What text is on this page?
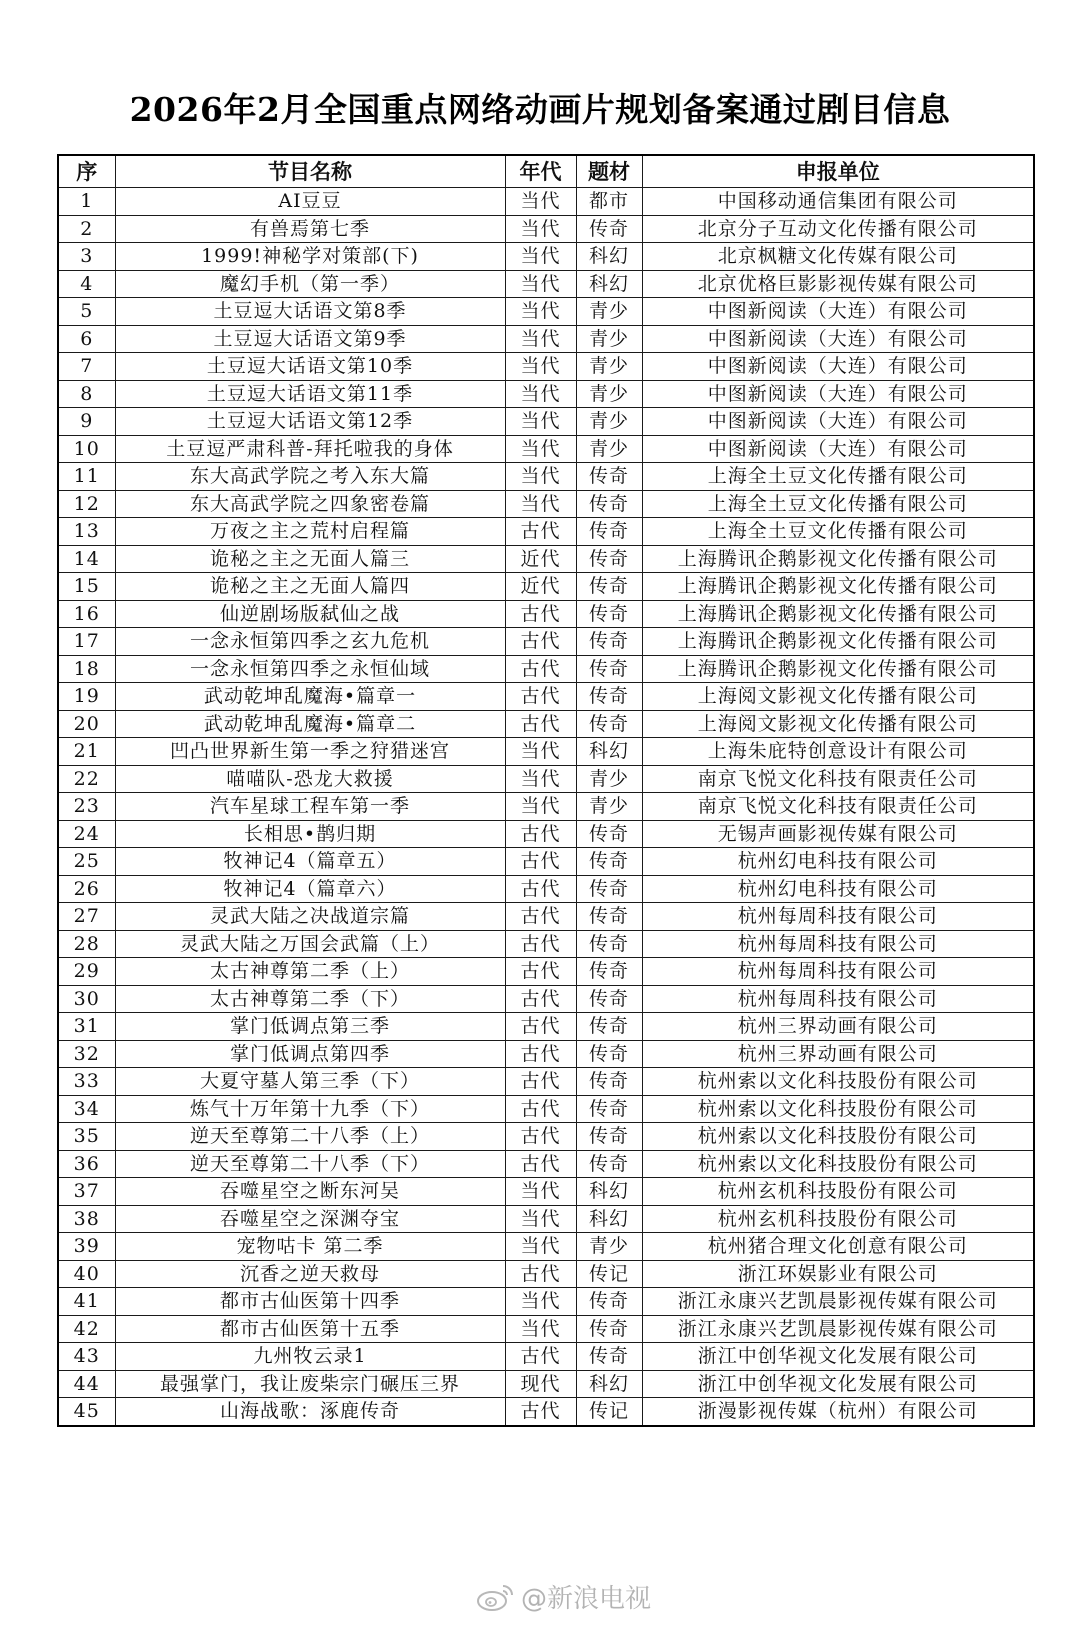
2026年2月全国重点网络动画片规划备案通过剧目信息
序	节目名称	年代	题材	申报单位
1	AI豆豆	当代	都市	中国移动通信集团有限公司
2	有兽焉第七季	当代	传奇	北京分子互动文化传播有限公司
3	1999!神秘学对策部(下)	当代	科幻	北京枫糖文化传媒有限公司
4	魔幻手机（第一季）	当代	科幻	北京优格巨影影视传媒有限公司
5	土豆逗大话语文第8季	当代	青少	中图新阅读（大连）有限公司
6	土豆逗大话语文第9季	当代	青少	中图新阅读（大连）有限公司
7	土豆逗大话语文第10季	当代	青少	中图新阅读（大连）有限公司
8	土豆逗大话语文第11季	当代	青少	中图新阅读（大连）有限公司
9	土豆逗大话语文第12季	当代	青少	中图新阅读（大连）有限公司
10	土豆逗严肃科普-拜托啦我的身体	当代	青少	中图新阅读（大连）有限公司
11	东大高武学院之考入东大篇	当代	传奇	上海全土豆文化传播有限公司
12	东大高武学院之四象密卷篇	当代	传奇	上海全土豆文化传播有限公司
13	万夜之主之荒村启程篇	古代	传奇	上海全土豆文化传播有限公司
14	诡秘之主之无面人篇三	近代	传奇	上海腾讯企鹅影视文化传播有限公司
15	诡秘之主之无面人篇四	近代	传奇	上海腾讯企鹅影视文化传播有限公司
16	仙逆剧场版弑仙之战	古代	传奇	上海腾讯企鹅影视文化传播有限公司
17	一念永恒第四季之玄九危机	古代	传奇	上海腾讯企鹅影视文化传播有限公司
18	一念永恒第四季之永恒仙域	古代	传奇	上海腾讯企鹅影视文化传播有限公司
19	武动乾坤乱魔海•篇章一	古代	传奇	上海阅文影视文化传播有限公司
20	武动乾坤乱魔海•篇章二	古代	传奇	上海阅文影视文化传播有限公司
21	凹凸世界新生第一季之狩猎迷宫	当代	科幻	上海朱庇特创意设计有限公司
22	喵喵队-恐龙大救援	当代	青少	南京飞悦文化科技有限责任公司
23	汽车星球工程车第一季	当代	青少	南京飞悦文化科技有限责任公司
24	长相思•鹊归期	古代	传奇	无锡声画影视传媒有限公司
25	牧神记4（篇章五）	古代	传奇	杭州幻电科技有限公司
26	牧神记4（篇章六）	古代	传奇	杭州幻电科技有限公司
27	灵武大陆之决战道宗篇	古代	传奇	杭州每周科技有限公司
28	灵武大陆之万国会武篇（上）	古代	传奇	杭州每周科技有限公司
29	太古神尊第二季（上）	古代	传奇	杭州每周科技有限公司
30	太古神尊第二季（下）	古代	传奇	杭州每周科技有限公司
31	掌门低调点第三季	古代	传奇	杭州三界动画有限公司
32	掌门低调点第四季	古代	传奇	杭州三界动画有限公司
33	大夏守墓人第三季（下）	古代	传奇	杭州索以文化科技股份有限公司
34	炼气十万年第十九季（下）	古代	传奇	杭州索以文化科技股份有限公司
35	逆天至尊第二十八季（上）	古代	传奇	杭州索以文化科技股份有限公司
36	逆天至尊第二十八季（下）	古代	传奇	杭州索以文化科技股份有限公司
37	吞噬星空之断东河吴	当代	科幻	杭州玄机科技股份有限公司
38	吞噬星空之深渊夺宝	当代	科幻	杭州玄机科技股份有限公司
39	宠物咕卡 第二季	当代	青少	杭州猪合理文化创意有限公司
40	沉香之逆天救母	古代	传记	浙江环娱影业有限公司
41	都市古仙医第十四季	当代	传奇	浙江永康兴艺凯晨影视传媒有限公司
42	都市古仙医第十五季	当代	传奇	浙江永康兴艺凯晨影视传媒有限公司
43	九州牧云录1	古代	传奇	浙江中创华视文化发展有限公司
44	最强掌门，我让废柴宗门碾压三界	现代	科幻	浙江中创华视文化发展有限公司
45	山海战歌：涿鹿传奇	古代	传记	浙漫影视传媒（杭州）有限公司
@新浪电视
